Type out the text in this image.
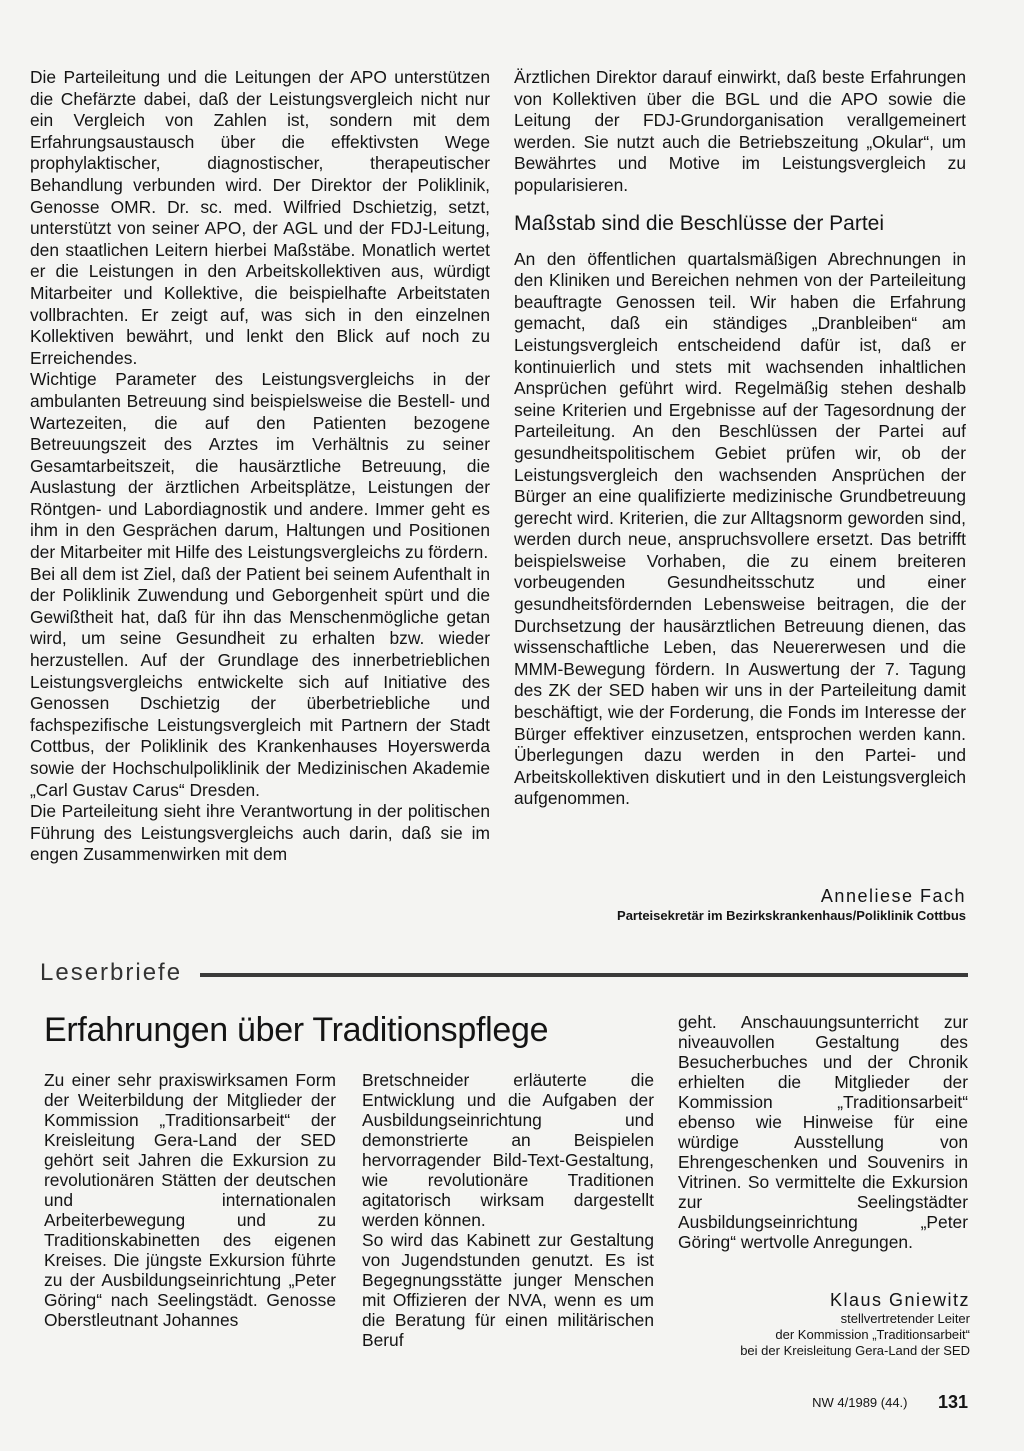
Die Parteileitung und die Leitungen der APO unterstützen die Chefärzte dabei, daß der Leistungsvergleich nicht nur ein Vergleich von Zahlen ist, sondern mit dem Erfahrungsaustausch über die effektivsten Wege prophylaktischer, diagnostischer, therapeutischer Behandlung verbunden wird. Der Direktor der Poliklinik, Genosse OMR. Dr. sc. med. Wilfried Dschietzig, setzt, unterstützt von seiner APO, der AGL und der FDJ-Leitung, den staatlichen Leitern hierbei Maßstäbe. Monatlich wertet er die Leistungen in den Arbeitskollektiven aus, würdigt Mitarbeiter und Kollektive, die beispielhafte Arbeitstaten vollbrachten. Er zeigt auf, was sich in den einzelnen Kollektiven bewährt, und lenkt den Blick auf noch zu Erreichendes.

Wichtige Parameter des Leistungsvergleichs in der ambulanten Betreuung sind beispielsweise die Bestell- und Wartezeiten, die auf den Patienten bezogene Betreuungszeit des Arztes im Verhältnis zu seiner Gesamtarbeitszeit, die hausärztliche Betreuung, die Auslastung der ärztlichen Arbeitsplätze, Leistungen der Röntgen- und Labordiagnostik und andere. Immer geht es ihm in den Gesprächen darum, Haltungen und Positionen der Mitarbeiter mit Hilfe des Leistungsvergleichs zu fördern.

Bei all dem ist Ziel, daß der Patient bei seinem Aufenthalt in der Poliklinik Zuwendung und Geborgenheit spürt und die Gewißtheit hat, daß für ihn das Menschenmögliche getan wird, um seine Gesundheit zu erhalten bzw. wieder herzustellen. Auf der Grundlage des innerbetrieblichen Leistungsvergleichs entwickelte sich auf Initiative des Genossen Dschietzig der überbetriebliche und fachspezifische Leistungsvergleich mit Partnern der Stadt Cottbus, der Poliklinik des Krankenhauses Hoyerswerda sowie der Hochschulpoliklinik der Medizinischen Akademie „Carl Gustav Carus“ Dresden.

Die Parteileitung sieht ihre Verantwortung in der politischen Führung des Leistungsvergleichs auch darin, daß sie im engen Zusammenwirken mit dem

Ärztlichen Direktor darauf einwirkt, daß beste Erfahrungen von Kollektiven über die BGL und die APO sowie die Leitung der FDJ-Grundorganisation verallgemeinert werden. Sie nutzt auch die Betriebszeitung „Okular“, um Bewährtes und Motive im Leistungsvergleich zu popularisieren.

Maßstab sind die Beschlüsse der Partei

An den öffentlichen quartalsmäßigen Abrechnungen in den Kliniken und Bereichen nehmen von der Parteileitung beauftragte Genossen teil. Wir haben die Erfahrung gemacht, daß ein ständiges „Dranbleiben“ am Leistungsvergleich entscheidend dafür ist, daß er kontinuierlich und stets mit wachsenden inhaltlichen Ansprüchen geführt wird. Regelmäßig stehen deshalb seine Kriterien und Ergebnisse auf der Tagesordnung der Parteileitung. An den Beschlüssen der Partei auf gesundheitspolitischem Gebiet prüfen wir, ob der Leistungsvergleich den wachsenden Ansprüchen der Bürger an eine qualifizierte medizinische Grundbetreuung gerecht wird. Kriterien, die zur Alltagsnorm geworden sind, werden durch neue, anspruchsvollere ersetzt. Das betrifft beispielsweise Vorhaben, die zu einem breiteren vorbeugenden Gesundheitsschutz und einer gesundheitsfördernden Lebensweise beitragen, die der Durchsetzung der hausärztlichen Betreuung dienen, das wissenschaftliche Leben, das Neuererwesen und die MMM-Bewegung fördern. In Auswertung der 7. Tagung des ZK der SED haben wir uns in der Parteileitung damit beschäftigt, wie der Forderung, die Fonds im Interesse der Bürger effektiver einzusetzen, entsprochen werden kann. Überlegungen dazu werden in den Partei- und Arbeitskollektiven diskutiert und in den Leistungsvergleich aufgenommen.

Anneliese Fach
Parteisekretär im Bezirkskrankenhaus/Poliklinik Cottbus
Leserbriefe
Erfahrungen über Traditionspflege

Zu einer sehr praxiswirksamen Form der Weiterbildung der Mitglieder der Kommission „Traditionsarbeit“ der Kreisleitung Gera-Land der SED gehört seit Jahren die Exkursion zu revolutionären Stätten der deutschen und internationalen Arbeiterbewegung und zu Traditionskabinetten des eigenen Kreises. Die jüngste Exkursion führte zu der Ausbildungseinrichtung „Peter Göring“ nach Seelingstädt. Genosse Oberstleutnant Johannes

Bretschneider erläuterte die Entwicklung und die Aufgaben der Ausbildungseinrichtung und demonstrierte an Beispielen hervorragender Bild-Text-Gestaltung, wie revolutionäre Traditionen agitatorisch wirksam dargestellt werden können.

So wird das Kabinett zur Gestaltung von Jugendstunden genutzt. Es ist Begegnungsstätte junger Menschen mit Offizieren der NVA, wenn es um die Beratung für einen militärischen Beruf

geht. Anschauungsunterricht zur niveauvollen Gestaltung des Besucherbuches und der Chronik erhielten die Mitglieder der Kommission „Traditionsarbeit“ ebenso wie Hinweise für eine würdige Ausstellung von Ehrengeschenken und Souvenirs in Vitrinen. So vermittelte die Exkursion zur Seelingstädter Ausbildungseinrichtung „Peter Göring“ wertvolle Anregungen.

Klaus Gniewitz
stellvertretender Leiter
der Kommission „Traditionsarbeit“
bei der Kreisleitung Gera-Land der SED
NW 4/1989 (44.) 131
